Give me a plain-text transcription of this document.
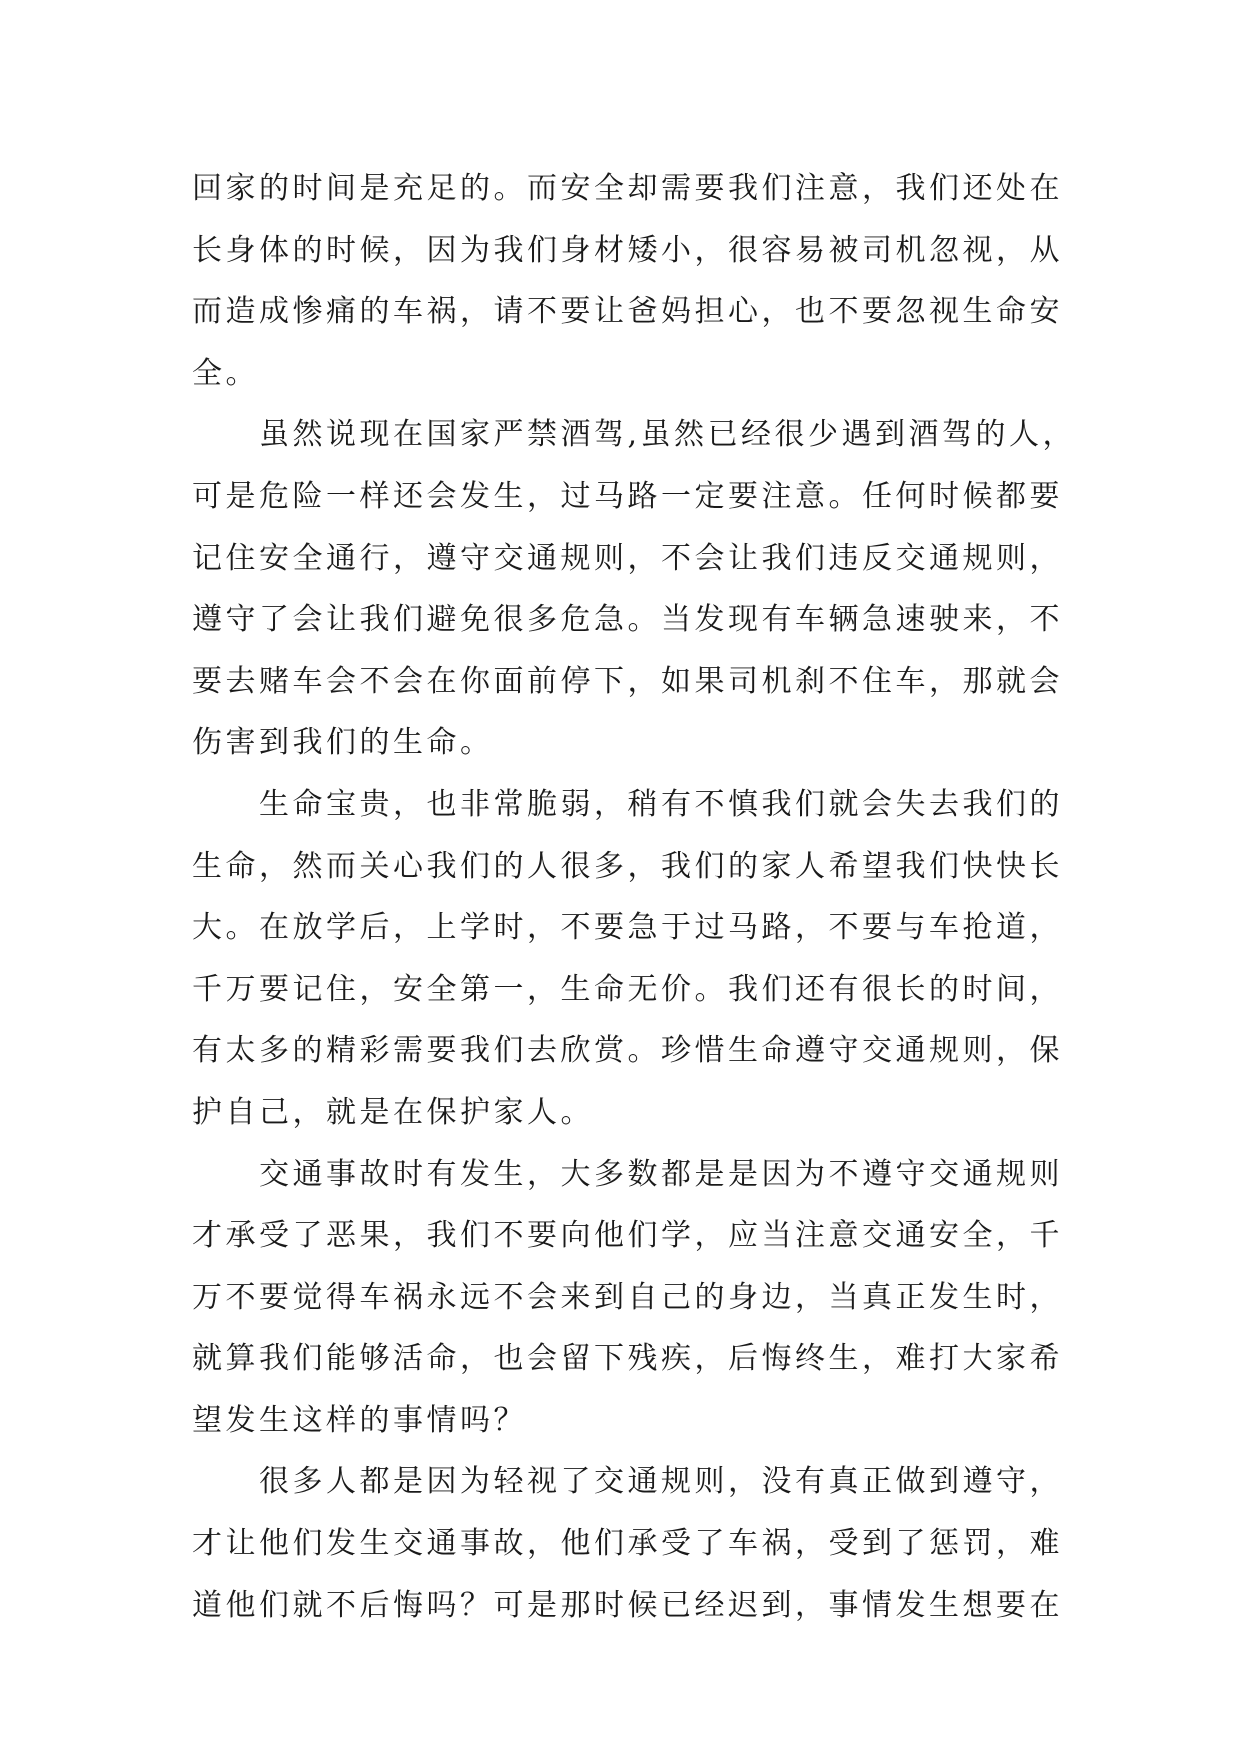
回家的时间是充足的。而安全却需要我们注意，我们还处在
长身体的时候，因为我们身材矮小，很容易被司机忽视，从
而造成惨痛的车祸，请不要让爸妈担心，也不要忽视生命安
全。
　　虽然说现在国家严禁酒驾,虽然已经很少遇到酒驾的人，
可是危险一样还会发生，过马路一定要注意。任何时候都要
记住安全通行，遵守交通规则，不会让我们违反交通规则，
遵守了会让我们避免很多危急。当发现有车辆急速驶来，不
要去赌车会不会在你面前停下，如果司机刹不住车，那就会
伤害到我们的生命。
　　生命宝贵，也非常脆弱，稍有不慎我们就会失去我们的
生命，然而关心我们的人很多，我们的家人希望我们快快长
大。在放学后，上学时，不要急于过马路，不要与车抢道，
千万要记住，安全第一，生命无价。我们还有很长的时间，
有太多的精彩需要我们去欣赏。珍惜生命遵守交通规则，保
护自己，就是在保护家人。
　　交通事故时有发生，大多数都是是因为不遵守交通规则
才承受了恶果，我们不要向他们学，应当注意交通安全，千
万不要觉得车祸永远不会来到自己的身边，当真正发生时，
就算我们能够活命，也会留下残疾，后悔终生，难打大家希
望发生这样的事情吗？
　　很多人都是因为轻视了交通规则，没有真正做到遵守，
才让他们发生交通事故，他们承受了车祸，受到了惩罚，难
道他们就不后悔吗？可是那时候已经迟到，事情发生想要在
